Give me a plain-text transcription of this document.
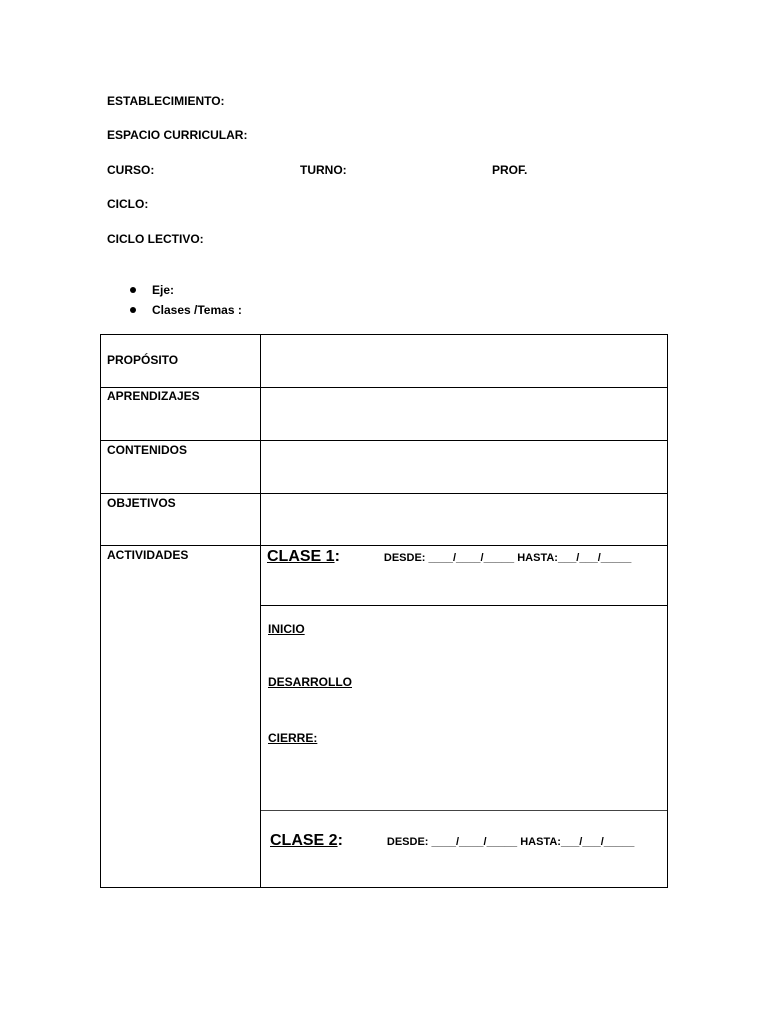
ESTABLECIMIENTO:
ESPACIO CURRICULAR:
CURSO:	TURNO:	PROF.
CICLO:
CICLO LECTIVO:
Eje:
Clases /Temas :
PROPÓSITO
APRENDIZAJES
CONTENIDOS
OBJETIVOS
ACTIVIDADES	CLASE 1:	DESDE: ____/____/_____ HASTA:___/___/_____
INICIO
DESARROLLO
CIERRE:
CLASE 2:	DESDE: ____/____/_____ HASTA:___/___/_____
